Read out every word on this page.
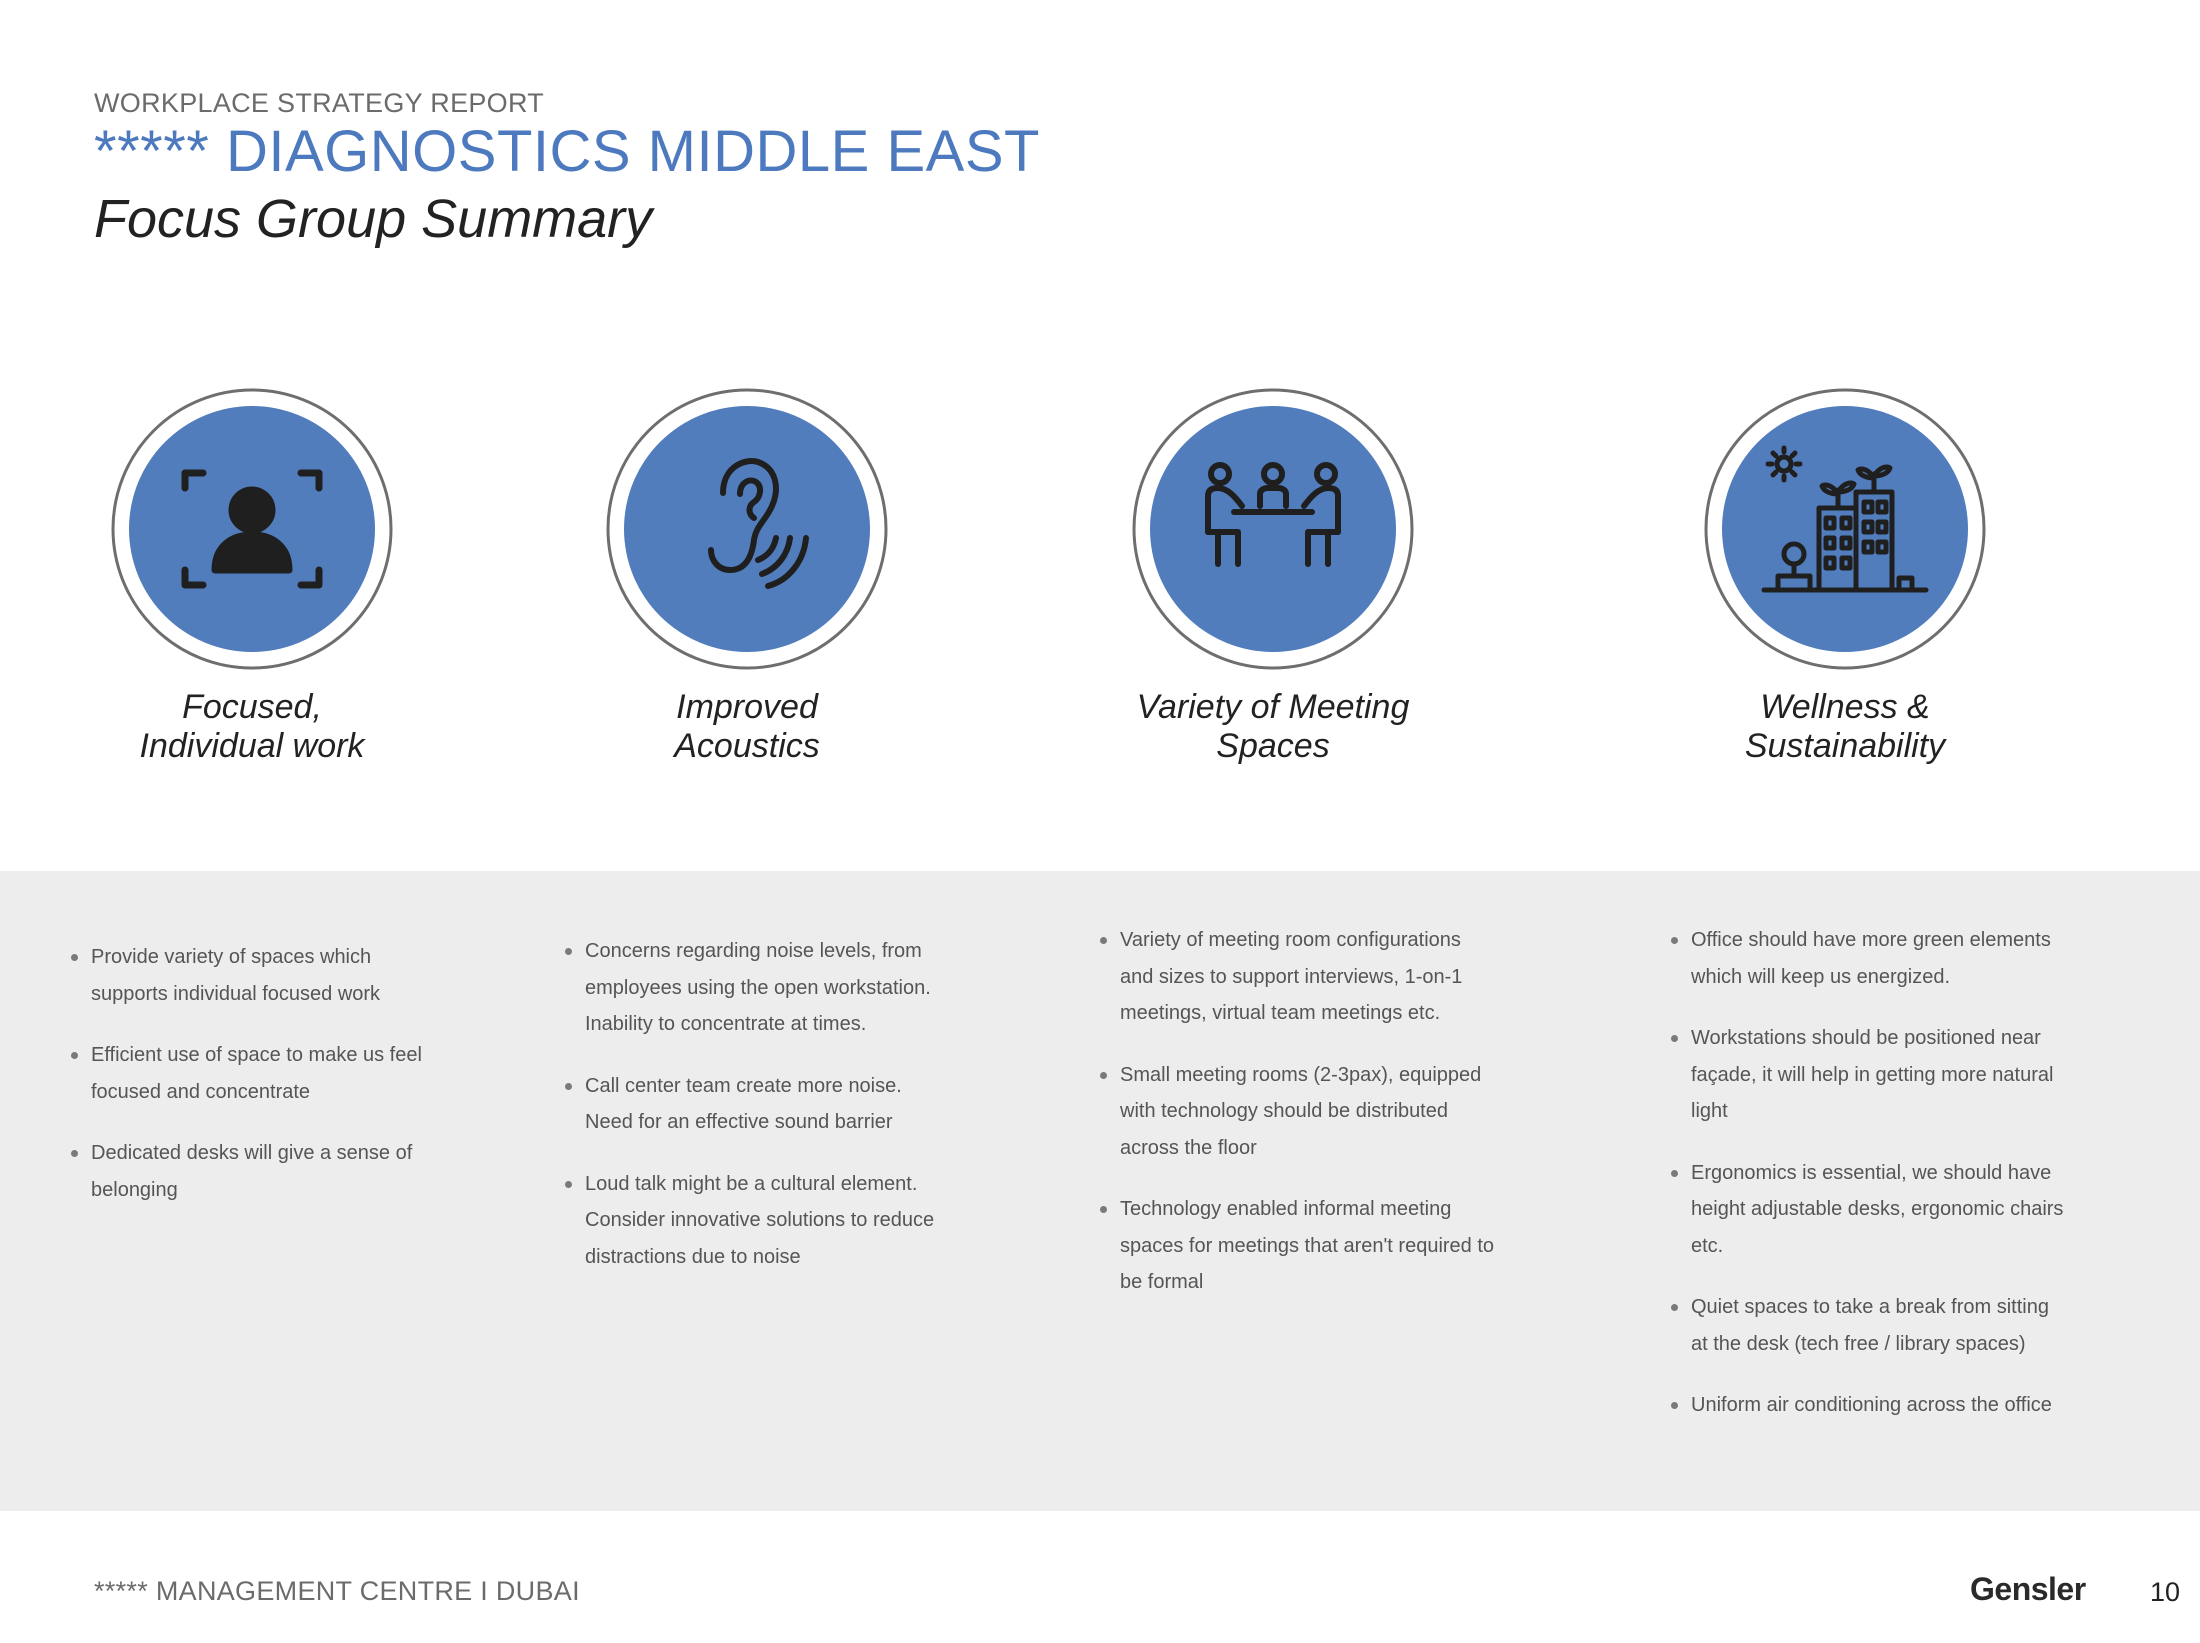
WORKPLACE STRATEGY REPORT
***** DIAGNOSTICS MIDDLE EAST
Focus Group Summary
Focused,
Individual work
Improved
Acoustics
Variety of Meeting
Spaces
Wellness &
Sustainability
Provide variety of spaces which supports individual focused work
Efficient use of space to make us feel focused and concentrate
Dedicated desks will give a sense of belonging
Concerns regarding noise levels, from employees using the open workstation. Inability to concentrate at times.
Call center team create more noise. Need for an effective sound barrier
Loud talk might be a cultural element. Consider innovative solutions to reduce distractions due to noise
Variety of meeting room configurations and sizes to support interviews, 1-on-1 meetings, virtual team meetings etc.
Small meeting rooms (2-3pax), equipped with technology should be distributed across the floor
Technology enabled informal meeting spaces for meetings that aren't required to be formal
Office should have more green elements which will keep us energized.
Workstations should be positioned near façade, it will help in getting more natural light
Ergonomics is essential, we should have height adjustable desks, ergonomic chairs etc.
Quiet spaces to take a break from sitting at the desk (tech free / library spaces)
Uniform air conditioning across the office
***** MANAGEMENT CENTRE I DUBAI	Gensler 10
